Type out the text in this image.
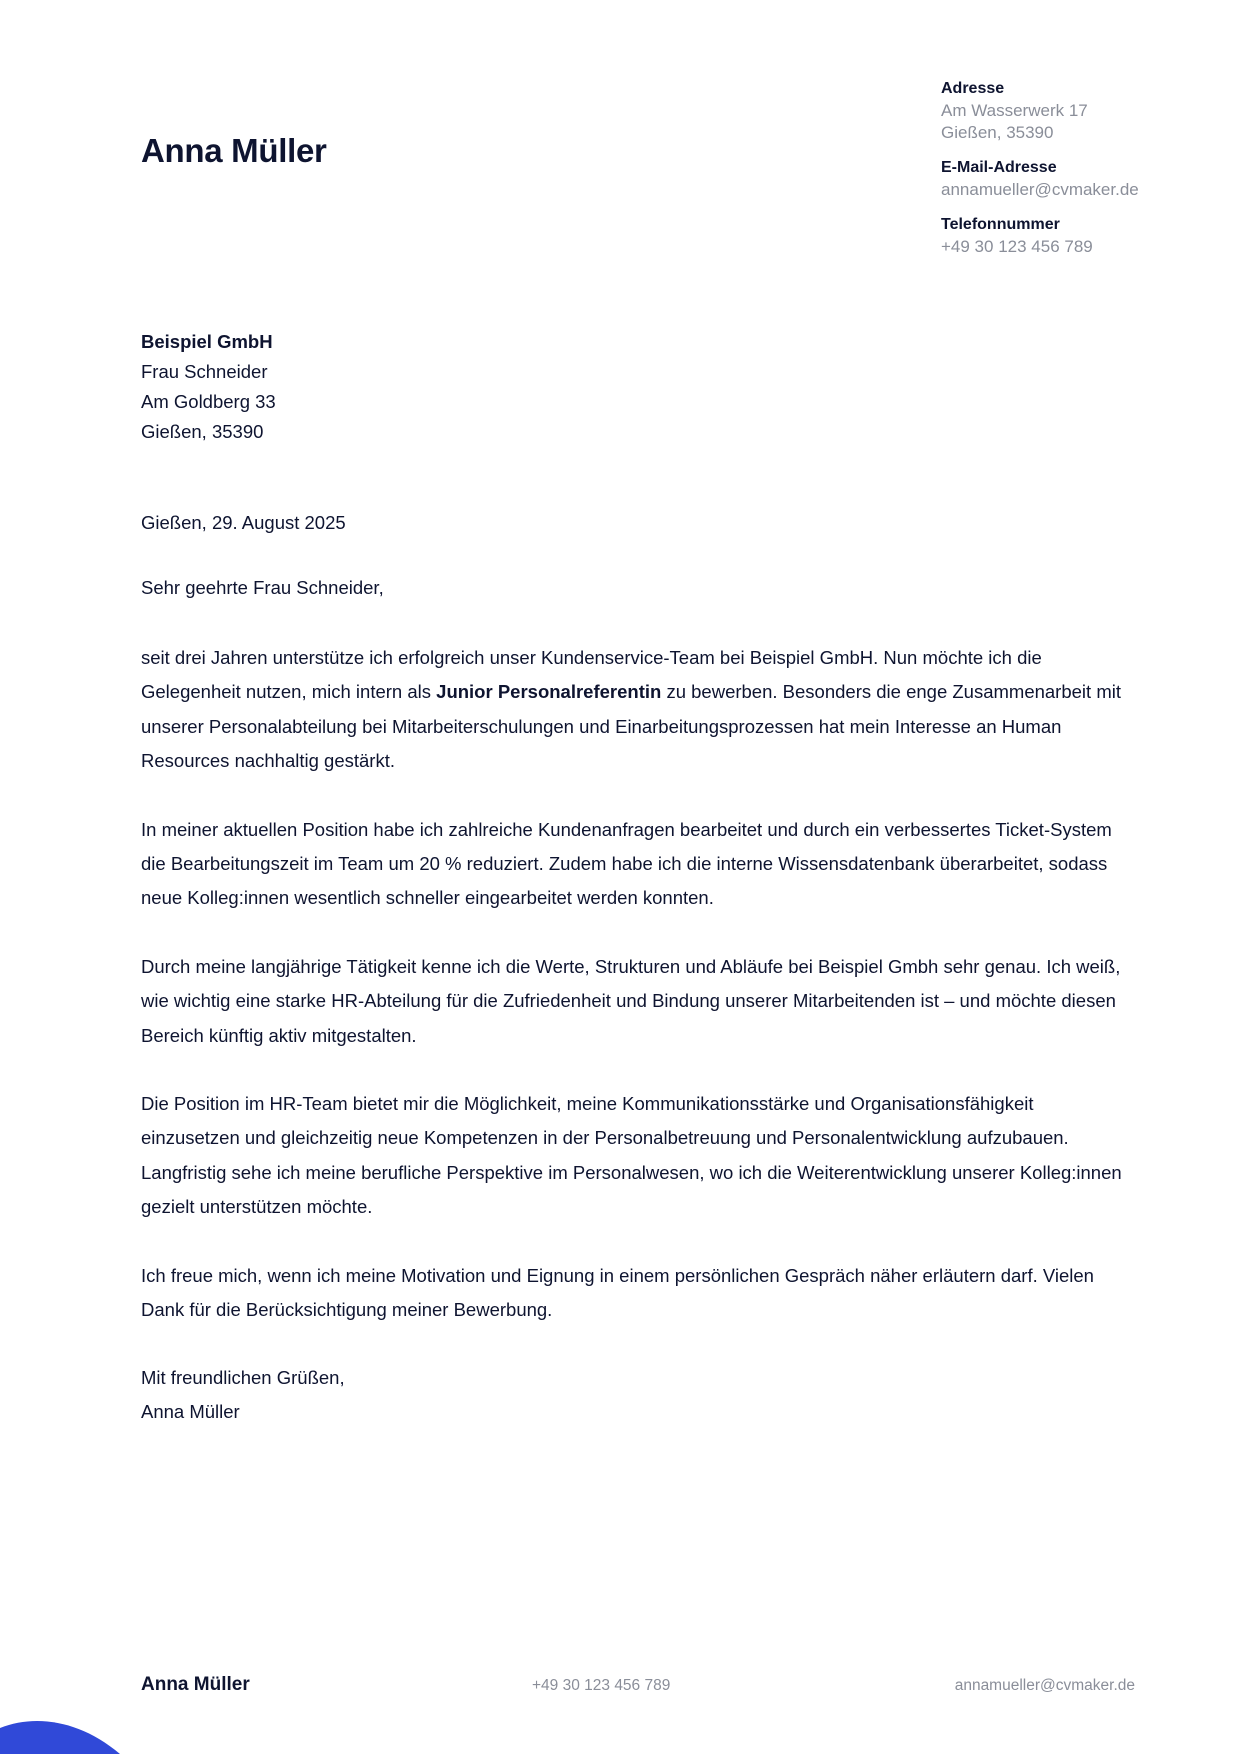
Anna Müller
Adresse
Am Wasserwerk 17
Gießen, 35390
E-Mail-Adresse
annamueller@cvmaker.de
Telefonnummer
+49 30 123 456 789
Beispiel GmbH
Frau Schneider
Am Goldberg 33
Gießen, 35390
Gießen, 29. August 2025
Sehr geehrte Frau Schneider,

seit drei Jahren unterstütze ich erfolgreich unser Kundenservice-Team bei Beispiel GmbH. Nun möchte ich die Gelegenheit nutzen, mich intern als Junior Personalreferentin zu bewerben. Besonders die enge Zusammenarbeit mit unserer Personalabteilung bei Mitarbeiterschulungen und Einarbeitungsprozessen hat mein Interesse an Human Resources nachhaltig gestärkt.

In meiner aktuellen Position habe ich zahlreiche Kundenanfragen bearbeitet und durch ein verbessertes Ticket-System die Bearbeitungszeit im Team um 20 % reduziert. Zudem habe ich die interne Wissensdatenbank überarbeitet, sodass neue Kolleg:innen wesentlich schneller eingearbeitet werden konnten.

Durch meine langjährige Tätigkeit kenne ich die Werte, Strukturen und Abläufe bei Beispiel Gmbh sehr genau. Ich weiß, wie wichtig eine starke HR-Abteilung für die Zufriedenheit und Bindung unserer Mitarbeitenden ist – und möchte diesen Bereich künftig aktiv mitgestalten.

Die Position im HR-Team bietet mir die Möglichkeit, meine Kommunikationsstärke und Organisationsfähigkeit einzusetzen und gleichzeitig neue Kompetenzen in der Personalbetreuung und Personalentwicklung aufzubauen. Langfristig sehe ich meine berufliche Perspektive im Personalwesen, wo ich die Weiterentwicklung unserer Kolleg:innen gezielt unterstützen möchte.

Ich freue mich, wenn ich meine Motivation und Eignung in einem persönlichen Gespräch näher erläutern darf. Vielen Dank für die Berücksichtigung meiner Bewerbung.

Mit freundlichen Grüßen,
Anna Müller
Anna Müller	+49 30 123 456 789	annamueller@cvmaker.de
